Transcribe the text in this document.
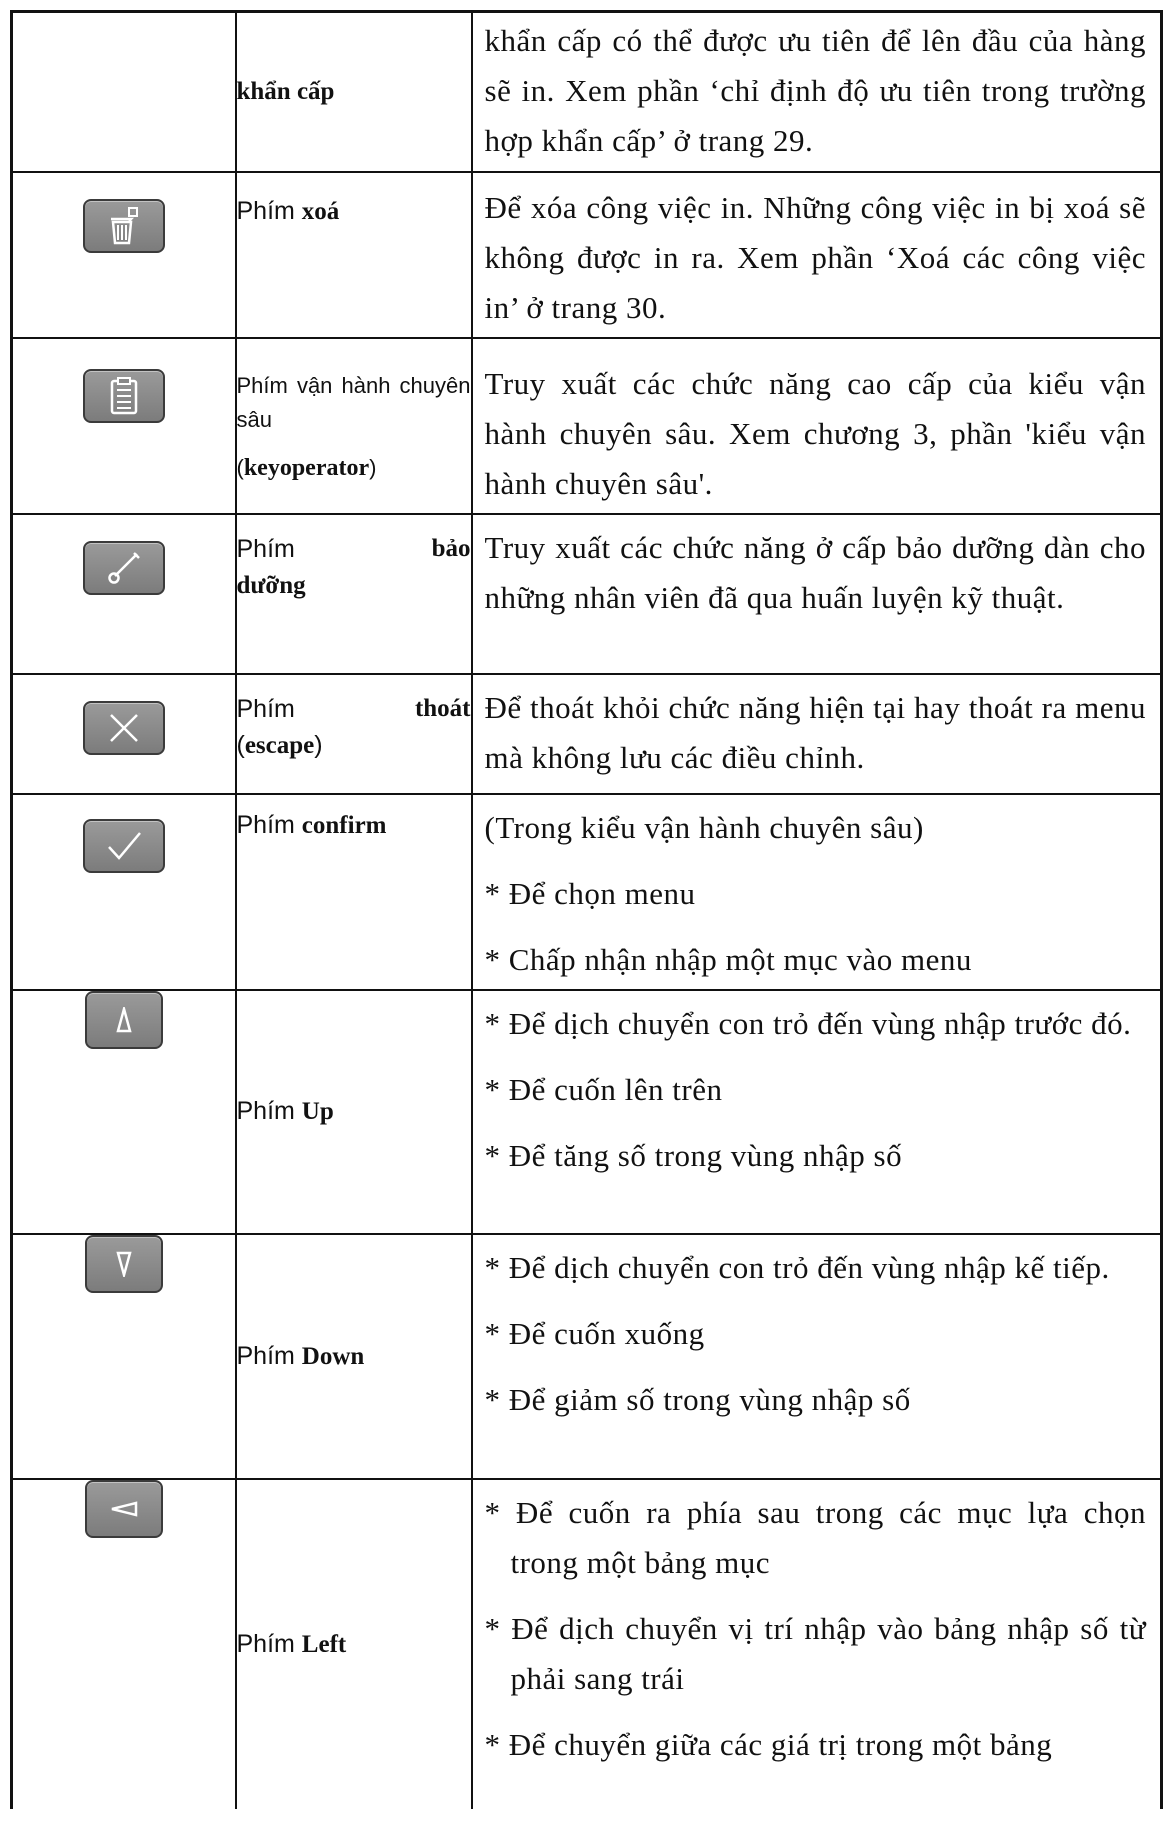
	khẩn cấp	khẩn cấp có thể được ưu tiên để lên đầu của hàng sẽ in. Xem phần ‘chỉ định độ ưu tiên trong trường hợp khẩn cấp’ ở trang 29.

	Phím xoá	Để xóa công việc in. Những công việc in bị xoá sẽ không được in ra. Xem phần ‘Xoá các công việc in’ ở trang 30.

Phím vận hành chuyên sâu
(keyoperator)	Truy xuất các chức năng cao cấp của kiểu vận hành chuyên sâu. Xem chương 3, phần 'kiểu vận hành chuyên sâu'.

Phím bảo
dưỡng	Truy xuất các chức năng ở cấp bảo dưỡng dàn cho những nhân viên đã qua huấn luyện kỹ thuật.

Phím thoát
(escape)	Để thoát khỏi chức năng hiện tại hay thoát ra menu mà không lưu các điều chỉnh.

	Phím confirm	(Trong kiểu vận hành chuyên sâu)

* Để chọn menu

* Chấp nhận nhập một mục vào menu

	Phím Up	* Để dịch chuyển con trỏ đến vùng nhập trước đó.

* Để cuốn lên trên

* Để tăng số trong vùng nhập số

	Phím Down	* Để dịch chuyển con trỏ đến vùng nhập kế tiếp.

* Để cuốn xuống

* Để giảm số trong vùng nhập số

	Phím Left	* Để cuốn ra phía sau trong các mục lựa chọn trong một bảng mục

* Để dịch chuyển vị trí nhập vào bảng nhập số từ phải sang trái

* Để chuyển giữa các giá trị trong một bảng
